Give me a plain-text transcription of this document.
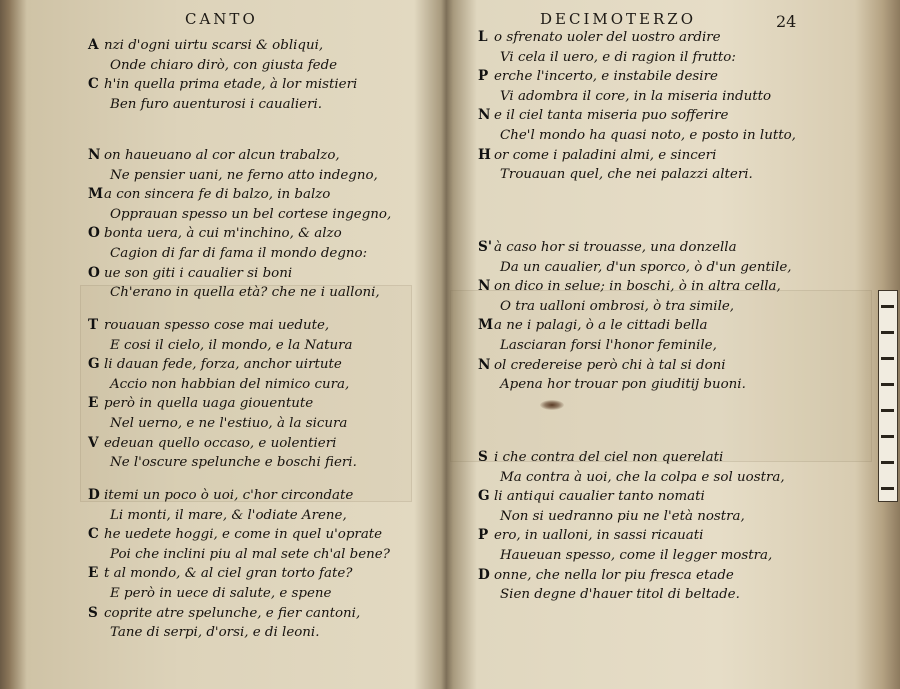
CANTO
A nzi d'ogni uirtu scarsi & obliqui,
Onde chiaro dirò, con giusta fede
C h'in quella prima etade, à lor mistieri
Ben furo auenturosi i caualieri.
N on haueuano al cor alcun trabalzo,
Ne pensier uani, ne ferno atto indegno,
M a con sincera fe di balzo, in balzo
Opprauan spesso un bel cortese ingegno,
O bonta uera, à cui m'inchino, & alzo
Cagion di far di fama il mondo degno:
O ue son giti i caualier si boni
Ch'erano in quella età? che ne i ualloni,
T rouauan spesso cose mai uedute,
E cosi il cielo, il mondo, e la Natura
G li dauan fede, forza, anchor uirtute
Accio non habbian del nimico cura,
E però in quella uaga giouentute
Nel uerno, e ne l'estiuo, à la sicura
V edeuan quello occaso, e uolentieri
Ne l'oscure spelunche e boschi fieri.
D itemi un poco ò uoi, c'hor circondate
Li monti, il mare, & l'odiate Arene,
C he uedete hoggi, e come in quel u'oprate
Poi che inclini piu al mal sete ch'al bene?
E t al mondo, & al ciel gran torto fate?
E però in uece di salute, e spene
S coprite atre spelunche, e fier cantoni,
Tane di serpi, d'orsi, e di leoni.
DECIMOTERZO	24
L o sfrenato uoler del uostro ardire
Vi cela il uero, e di ragion il frutto:
P erche l'incerto, e instabile desire
Vi adombra il core, in la miseria indutto
N e il ciel tanta miseria puo sofferire
Che'l mondo ha quasi noto, e posto in lutto,
H or come i paladini almi, e sinceri
Trouauan quel, che nei palazzi alteri.
S' à caso hor si trouasse, una donzella
Da un caualier, d'un sporco, ò d'un gentile,
N on dico in selue; in boschi, ò in altra cella,
O tra ualloni ombrosi, ò tra simile,
M a ne i palagi, ò a le cittadi bella
Lasciaran forsi l'honor feminile,
N ol credereise però chi à tal si doni
Apena hor trouar pon giuditij buoni.
S i che contra del ciel non querelati
Ma contra à uoi, che la colpa e sol uostra,
G li antiqui caualier tanto nomati
Non si uedranno piu ne l'età nostra,
P ero, in ualloni, in sassi ricauati
Haueuan spesso, come il legger mostra,
D onne, che nella lor piu fresca etade
Sien degne d'hauer titol di beltade.
